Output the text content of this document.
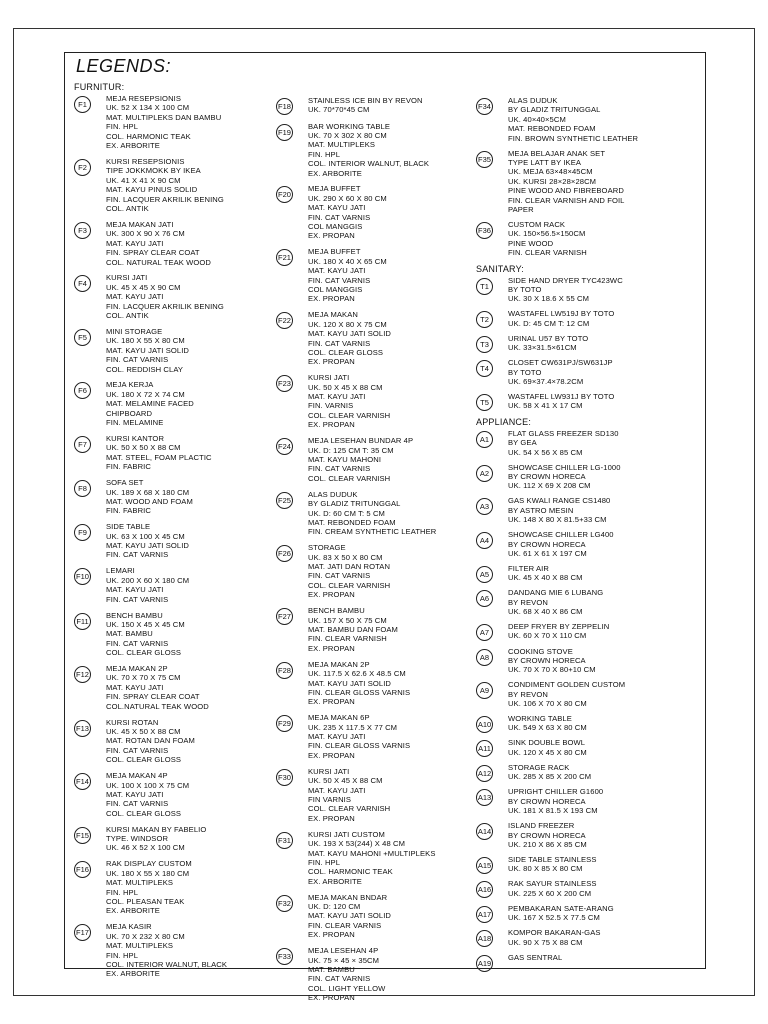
LEGENDS:
FURNITUR:
F1
MEJA RESEPSIONIS
UK. 52 X 134 X 100 CM
MAT. MULTIPLEKS DAN BAMBU
FIN. HPL
COL. HARMONIC TEAK
EX. ARBORITE
F2
KURSI RESEPSIONIS
TIPE JOKKMOKK BY IKEA
UK. 41 X 41 X 90 CM
MAT. KAYU PINUS SOLID
FIN. LACQUER AKRILIK BENING
COL. ANTIK
F3
MEJA MAKAN JATI
UK. 300 X 90 X 76 CM
MAT. KAYU JATI
FIN. SPRAY CLEAR COAT
COL. NATURAL TEAK WOOD
F4
KURSI JATI
UK. 45 X 45 X 90 CM
MAT. KAYU JATI
FIN. LACQUER AKRILIK BENING
COL. ANTIK
F5
MINI STORAGE
UK. 180 X 55 X 80 CM
MAT. KAYU JATI SOLID
FIN. CAT VARNIS
COL. REDDISH CLAY
F6
MEJA KERJA
UK. 180 X 72 X 74 CM
MAT. MELAMINE FACED
CHIPBOARD
FIN. MELAMINE
F7
KURSI KANTOR
UK. 50 X 50 X 88 CM
MAT. STEEL, FOAM PLACTIC
FIN. FABRIC
F8
SOFA SET
UK. 189 X 68 X 180 CM
MAT. WOOD AND FOAM
FIN. FABRIC
F9
SIDE TABLE
UK. 63 X 100 X 45 CM
MAT. KAYU JATI SOLID
FIN. CAT VARNIS
F10
LEMARI
UK. 200 X 60 X 180 CM
MAT. KAYU JATI
FIN. CAT VARNIS
F11
BENCH BAMBU
UK. 150 X 45 X 45 CM
MAT. BAMBU
FIN. CAT VARNIS
COL. CLEAR GLOSS
F12
MEJA MAKAN 2P
UK. 70 X 70 X 75 CM
MAT. KAYU JATI
FIN. SPRAY CLEAR COAT
COL.NATURAL TEAK WOOD
F13
KURSI ROTAN
UK. 45 X 50 X 88 CM
MAT. ROTAN DAN FOAM
FIN. CAT VARNIS
COL. CLEAR GLOSS
F14
MEJA MAKAN 4P
UK. 100 X 100 X 75 CM
MAT. KAYU JATI
FIN. CAT VARNIS
COL. CLEAR GLOSS
F15
KURSI MAKAN BY FABELIO
TYPE. WINDSOR
UK. 46 X 52 X 100 CM
F16
RAK DISPLAY CUSTOM
UK. 180 X 55 X 180 CM
MAT. MULTIPLEKS
FIN. HPL
COL. PLEASAN TEAK
EX. ARBORITE
F17
MEJA KASIR
UK. 70 X 232 X 80 CM
MAT. MULTIPLEKS
FIN. HPL
COL. INTERIOR WALNUT, BLACK
EX. ARBORITE
F18
STAINLESS ICE BIN BY REVON
UK. 70*70*45 CM
F19
BAR WORKING TABLE
UK. 70 X 302 X 80 CM
MAT. MULTIPLEKS
FIN. HPL
COL. INTERIOR WALNUT, BLACK
EX. ARBORITE
F20
MEJA BUFFET
UK. 290 X 60 X 80 CM
MAT. KAYU JATI
FIN. CAT VARNIS
COL MANGGIS
EX. PROPAN
F21
MEJA BUFFET
UK. 180 X 40 X 65 CM
MAT. KAYU JATI
FIN. CAT VARNIS
COL MANGGIS
EX. PROPAN
F22
MEJA MAKAN
UK. 120 X 80 X 75 CM
MAT. KAYU JATI SOLID
FIN. CAT VARNIS
COL. CLEAR GLOSS
EX. PROPAN
F23
KURSI JATI
UK. 50 X 45 X 88 CM
MAT. KAYU JATI
FIN. VARNIS
COL. CLEAR VARNISH
EX. PROPAN
F24
MEJA LESEHAN BUNDAR 4P
UK. D: 125 CM T: 35 CM
MAT. KAYU MAHONI
FIN. CAT VARNIS
COL. CLEAR VARNISH
F25
ALAS DUDUK
BY GLADIZ TRITUNGGAL
UK. D: 60 CM T: 5 CM
MAT. REBONDED FOAM
FIN. CREAM SYNTHETIC LEATHER
F26
STORAGE
UK. 83 X 50 X 80 CM
MAT. JATI DAN ROTAN
FIN. CAT VARNIS
COL. CLEAR VARNISH
EX. PROPAN
F27
BENCH BAMBU
UK. 157 X 50 X 75 CM
MAT. BAMBU DAN FOAM
FIN. CLEAR VARNISH
EX. PROPAN
F28
MEJA MAKAN 2P
UK. 117.5 X 62.6 X 48.5 CM
MAT. KAYU JATI SOLID
FIN. CLEAR GLOSS VARNIS
EX. PROPAN
F29
MEJA MAKAN 6P
UK. 235 X 117.5 X 77 CM
MAT. KAYU JATI
FIN. CLEAR GLOSS VARNIS
EX. PROPAN
F30
KURSI JATI
UK. 50 X 45 X 88 CM
MAT. KAYU JATI
FIN VARNIS
COL. CLEAR VARNISH
EX. PROPAN
F31
KURSI JATI CUSTOM
UK. 193 X 53(244) X 48 CM
MAT. KAYU MAHONI +MULTIPLEKS
FIN. HPL
COL. HARMONIC TEAK
EX. ARBORITE
F32
MEJA MAKAN BNDAR
UK. D: 120 CM
MAT. KAYU JATI SOLID
FIN. CLEAR VARNIS
EX. PROPAN
F33
MEJA LESEHAN 4P
UK. 75 × 45 × 35CM
MAT. BAMBU
FIN. CAT VARNIS
COL. LIGHT YELLOW
EX. PROPAN
F34
ALAS DUDUK
BY GLADIZ TRITUNGGAL
UK. 40×40×5CM
MAT. REBONDED FOAM
FIN. BROWN SYNTHETIC LEATHER
F35
MEJA BELAJAR ANAK SET
TYPE LATT BY IKEA
UK. MEJA 63×48×45CM
UK. KURSI 28×28×28CM
PINE WOOD AND FIBREBOARD
FIN. CLEAR VARNISH AND FOIL
PAPER
F36
CUSTOM RACK
UK. 150×56.5×150CM
PINE WOOD
FIN. CLEAR VARNISH
SANITARY:
T1
SIDE HAND DRYER TYC423WC
BY TOTO
UK. 30 X 18.6 X 55 CM
T2
WASTAFEL LW519J BY TOTO
UK. D: 45 CM T: 12 CM
T3
URINAL U57 BY TOTO
UK. 33×31.5×61CM
T4
CLOSET CW631PJ/SW631JP
BY TOTO
UK. 69×37.4×78.2CM
T5
WASTAFEL LW931J BY TOTO
UK. 58 X 41 X 17 CM
APPLIANCE:
A1
FLAT GLASS FREEZER SD130
BY GEA
UK. 54 X 56 X 85 CM
A2
SHOWCASE CHILLER LG-1000
BY CROWN HORECA
UK. 112 X 69 X 208 CM
A3
GAS KWALI RANGE CS1480
BY ASTRO MESIN
UK. 148 X 80 X 81.5+33 CM
A4
SHOWCASE CHILLER LG400
BY CROWN HORECA
UK. 61 X 61 X 197 CM
A5
FILTER AIR
UK. 45 X 40 X 88 CM
A6
DANDANG MIE 6 LUBANG
BY REVON
UK. 68 X 40 X 86 CM
A7
DEEP FRYER BY ZEPPELIN
UK. 60 X 70 X 110 CM
A8
COOKING STOVE
BY CROWN HORECA
UK. 70 X 70 X 80+10 CM
A9
CONDIMENT GOLDEN CUSTOM
BY REVON
UK. 106 X 70 X 80 CM
A10
WORKING TABLE
UK. 549 X 63 X 80 CM
A11
SINK DOUBLE BOWL
UK. 120 X 45 X 80 CM
A12
STORAGE RACK
UK. 285 X 85 X 200 CM
A13
UPRIGHT CHILLER G1600
BY CROWN HORECA
UK. 181 X 81.5 X 193 CM
A14
ISLAND FREEZER
BY CROWN HORECA
UK. 210 X 86 X 85 CM
A15
SIDE TABLE STAINLESS
UK. 80 X 85 X 80 CM
A16
RAK SAYUR STAINLESS
UK. 225 X 60 X 200 CM
A17
PEMBAKARAN SATE-ARANG
UK. 167 X 52.5 X 77.5 CM
A18
KOMPOR BAKARAN-GAS
UK. 90 X 75 X 88 CM
A19
GAS SENTRAL
